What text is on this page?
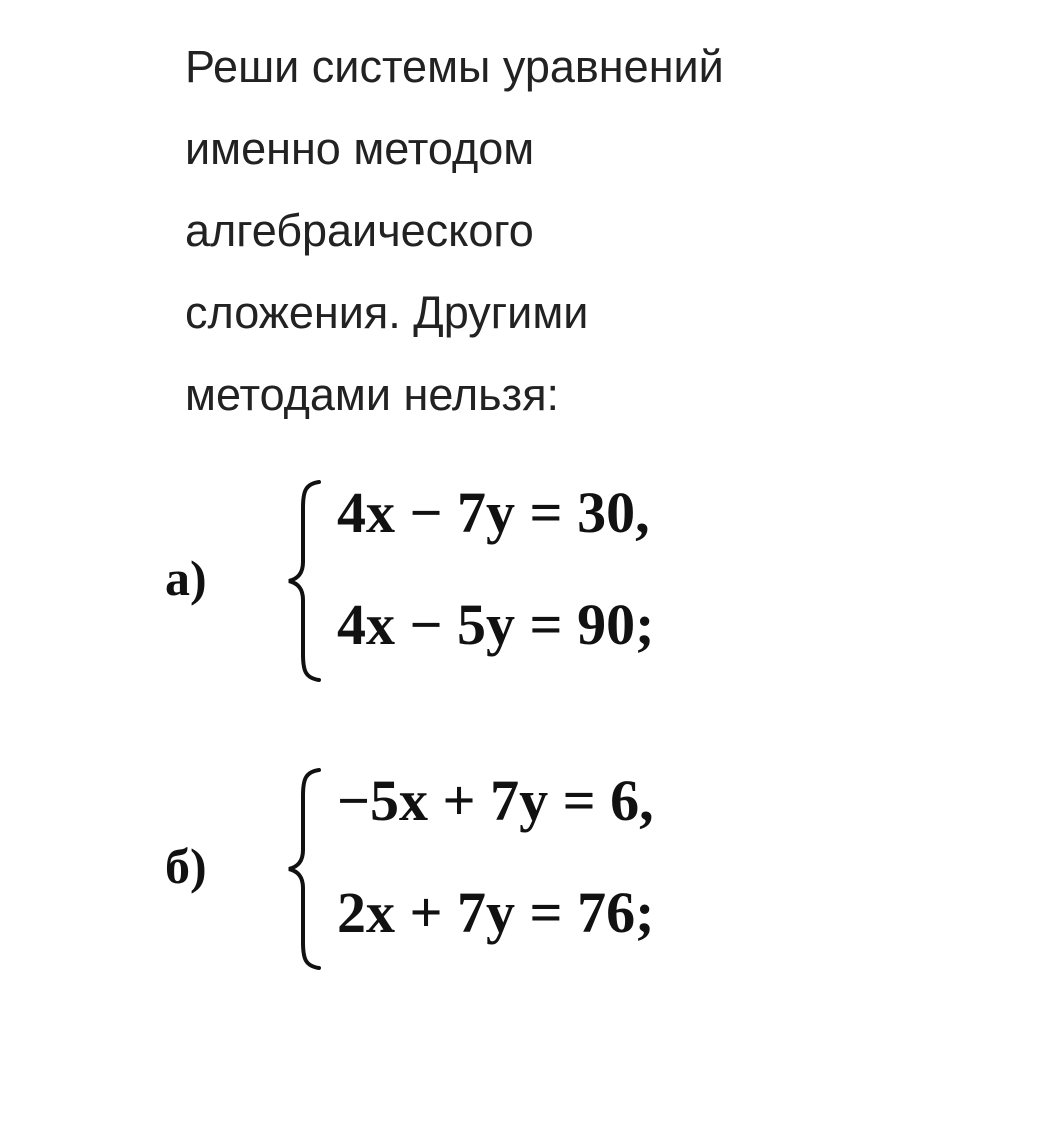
Реши системы уравнений
именно методом
алгебраического
сложения. Другими
методами нельзя:
а)
4x − 7y = 30,
4x − 5y = 90;
б)
−5x + 7y = 6,
2x + 7y = 76;
